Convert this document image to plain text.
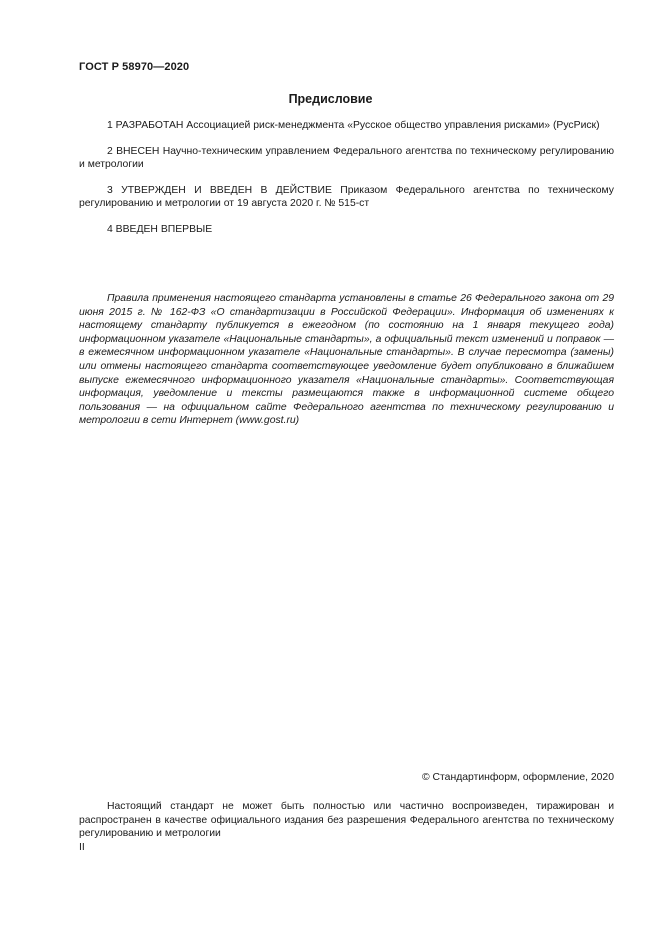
ГОСТ Р 58970—2020
Предисловие

1 РАЗРАБОТАН Ассоциацией риск-менеджмента «Русское общество управления рисками» (РусРиск)

2 ВНЕСЕН Научно-техническим управлением Федерального агентства по техническому регулированию и метрологии

3 УТВЕРЖДЕН И ВВЕДЕН В ДЕЙСТВИЕ Приказом Федерального агентства по техническому регулированию и метрологии от 19 августа 2020 г. № 515-ст

4 ВВЕДЕН ВПЕРВЫЕ

Правила применения настоящего стандарта установлены в статье 26 Федерального закона от 29 июня 2015 г. № 162-ФЗ «О стандартизации в Российской Федерации». Информация об изменениях к настоящему стандарту публикуется в ежегодном (по состоянию на 1 января текущего года) информационном указателе «Национальные стандарты», а официальный текст изменений и поправок — в ежемесячном информационном указателе «Национальные стандарты». В случае пересмотра (замены) или отмены настоящего стандарта соответствующее уведомление будет опубликовано в ближайшем выпуске ежемесячного информационного указателя «Национальные стандарты». Соответствующая информация, уведомление и тексты размещаются также в информационной системе общего пользования — на официальном сайте Федерального агентства по техническому регулированию и метрологии в сети Интернет (www.gost.ru)
© Стандартинформ, оформление, 2020
Настоящий стандарт не может быть полностью или частично воспроизведен, тиражирован и распространен в качестве официального издания без разрешения Федерального агентства по техническому регулированию и метрологии
II
